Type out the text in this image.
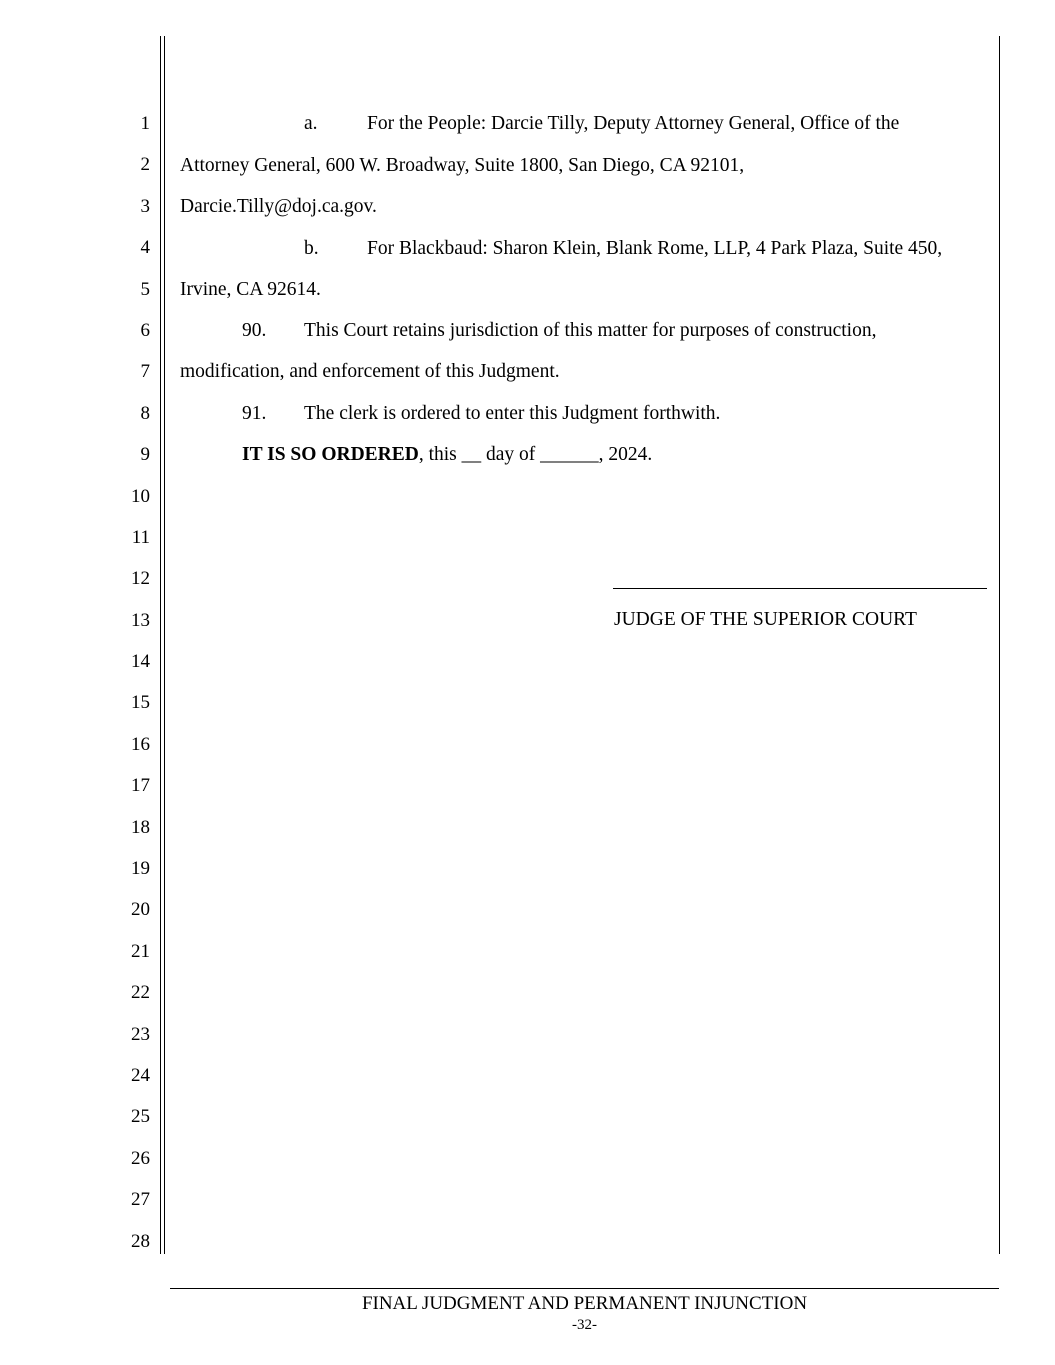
1
2
3
4
5
6
7
8
9
10
11
12
13
14
15
16
17
18
19
20
21
22
23
24
25
26
27
28
a.	For the People: Darcie Tilly, Deputy Attorney General, Office of the
Attorney General, 600 W. Broadway, Suite 1800, San Diego, CA 92101,
Darcie.Tilly@doj.ca.gov.
b. For Blackbaud: Sharon Klein, Blank Rome, LLP, 4 Park Plaza, Suite 450,
Irvine, CA 92614.
90. This Court retains jurisdiction of this matter for purposes of construction,
modification, and enforcement of this Judgment.
91. The clerk is ordered to enter this Judgment forthwith.
IT IS SO ORDERED, this __ day of ______, 2024.
JUDGE OF THE SUPERIOR COURT
FINAL JUDGMENT AND PERMANENT INJUNCTION
-32-
